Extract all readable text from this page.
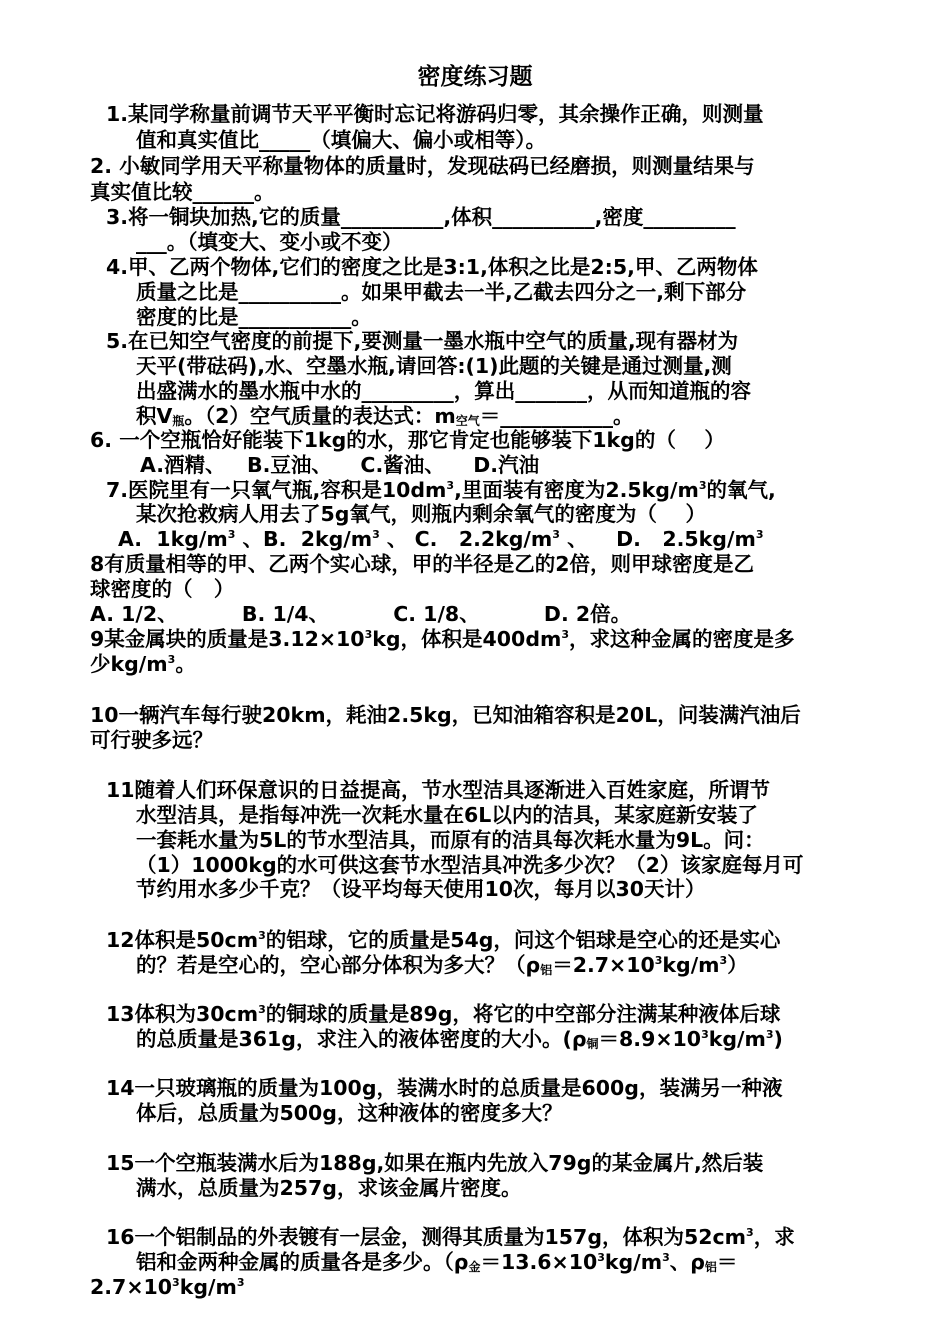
密度练习题
1.某同学称量前调节天平平衡时忘记将游码归零，其余操作正确，则测量
值和真实值比_____（填偏大、偏小或相等）。
2. 小敏同学用天平称量物体的质量时，发现砝码已经磨损，则测量结果与
真实值比较______。
3.将一铜块加热,它的质量__________,体积__________,密度_________
___。（填变大、变小或不变）
4.甲、乙两个物体,它们的密度之比是3:1,体积之比是2:5,甲、乙两物体
质量之比是__________。如果甲截去一半,乙截去四分之一,剩下部分
密度的比是___________。
5.在已知空气密度的前提下,要测量一墨水瓶中空气的质量,现有器材为
天平(带砝码),水、空墨水瓶,请回答:(1)此题的关键是通过测量,测
出盛满水的墨水瓶中水的_________，算出_______，从而知道瓶的容
积$V_瓶$。（2）空气质量的表达式：$m_{空气}=\_\_\_\_\_\_\_\_\_\_\_$。
6. 一个空瓶恰好能装下1kg的水，那它肯定也能够装下1kg的（    ）
A.酒精、   B.豆油、    C.酱油、    D.汽油
7.医院里有一只氧气瓶,容积是$10dm^3$,里面装有密度为$2.5kg/m^3$的氧气,
某次抢救病人用去了5g氧气，则瓶内剩余氧气的密度为（    ）
A.  $1kg/m^3$ 、B.  $2kg/m^3$ 、 C.   $2.2kg/m^3$ 、    D.   $2.5kg/m^3$
8有质量相等的甲、乙两个实心球，甲的半径是乙的2倍，则甲球密度是乙
球密度的（   ）
A. 1/2、         B. 1/4、         C. 1/8、         D. 2倍。
9某金属块的质量是$3.12\times 10^3kg$，体积是$400dm^3$，求这种金属的密度是多
少$kg/m^3$。
10一辆汽车每行驶20km，耗油2.5kg，已知油箱容积是20L，问装满汽油后
可行驶多远？
11随着人们环保意识的日益提高，节水型洁具逐渐进入百姓家庭，所谓节
水型洁具，是指每冲洗一次耗水量在6L以内的洁具，某家庭新安装了
一套耗水量为5L的节水型洁具，而原有的洁具每次耗水量为9L。问：
（1）1000kg的水可供这套节水型洁具冲洗多少次？（2）该家庭每月可
节约用水多少千克？（设平均每天使用10次，每月以30天计）
12体积是$50cm^3$的铝球，它的质量是54g，问这个铝球是空心的还是实心
的？若是空心的，空心部分体积为多大？$(\rho_铝=2.7\times 10^3kg/m^3)$
13体积为$30cm^3$的铜球的质量是89g，将它的中空部分注满某种液体后球
的总质量是361g，求注入的液体密度的大小。$(\rho_铜=8.9\times 10^3kg/m^3)$
14一只玻璃瓶的质量为100g，装满水时的总质量是600g，装满另一种液
体后，总质量为500g，这种液体的密度多大？
15一个空瓶装满水后为188g,如果在瓶内先放入79g的某金属片,然后装
满水，总质量为257g，求该金属片密度。
16一个铝制品的外表镀有一层金，测得其质量为157g，体积为$52cm^3$，求
铝和金两种金属的质量各是多少。（$\rho_金=13.6\times 10^3kg/m^3$、$\rho_铝=$
$2.7\times 10^3kg/m^3$
